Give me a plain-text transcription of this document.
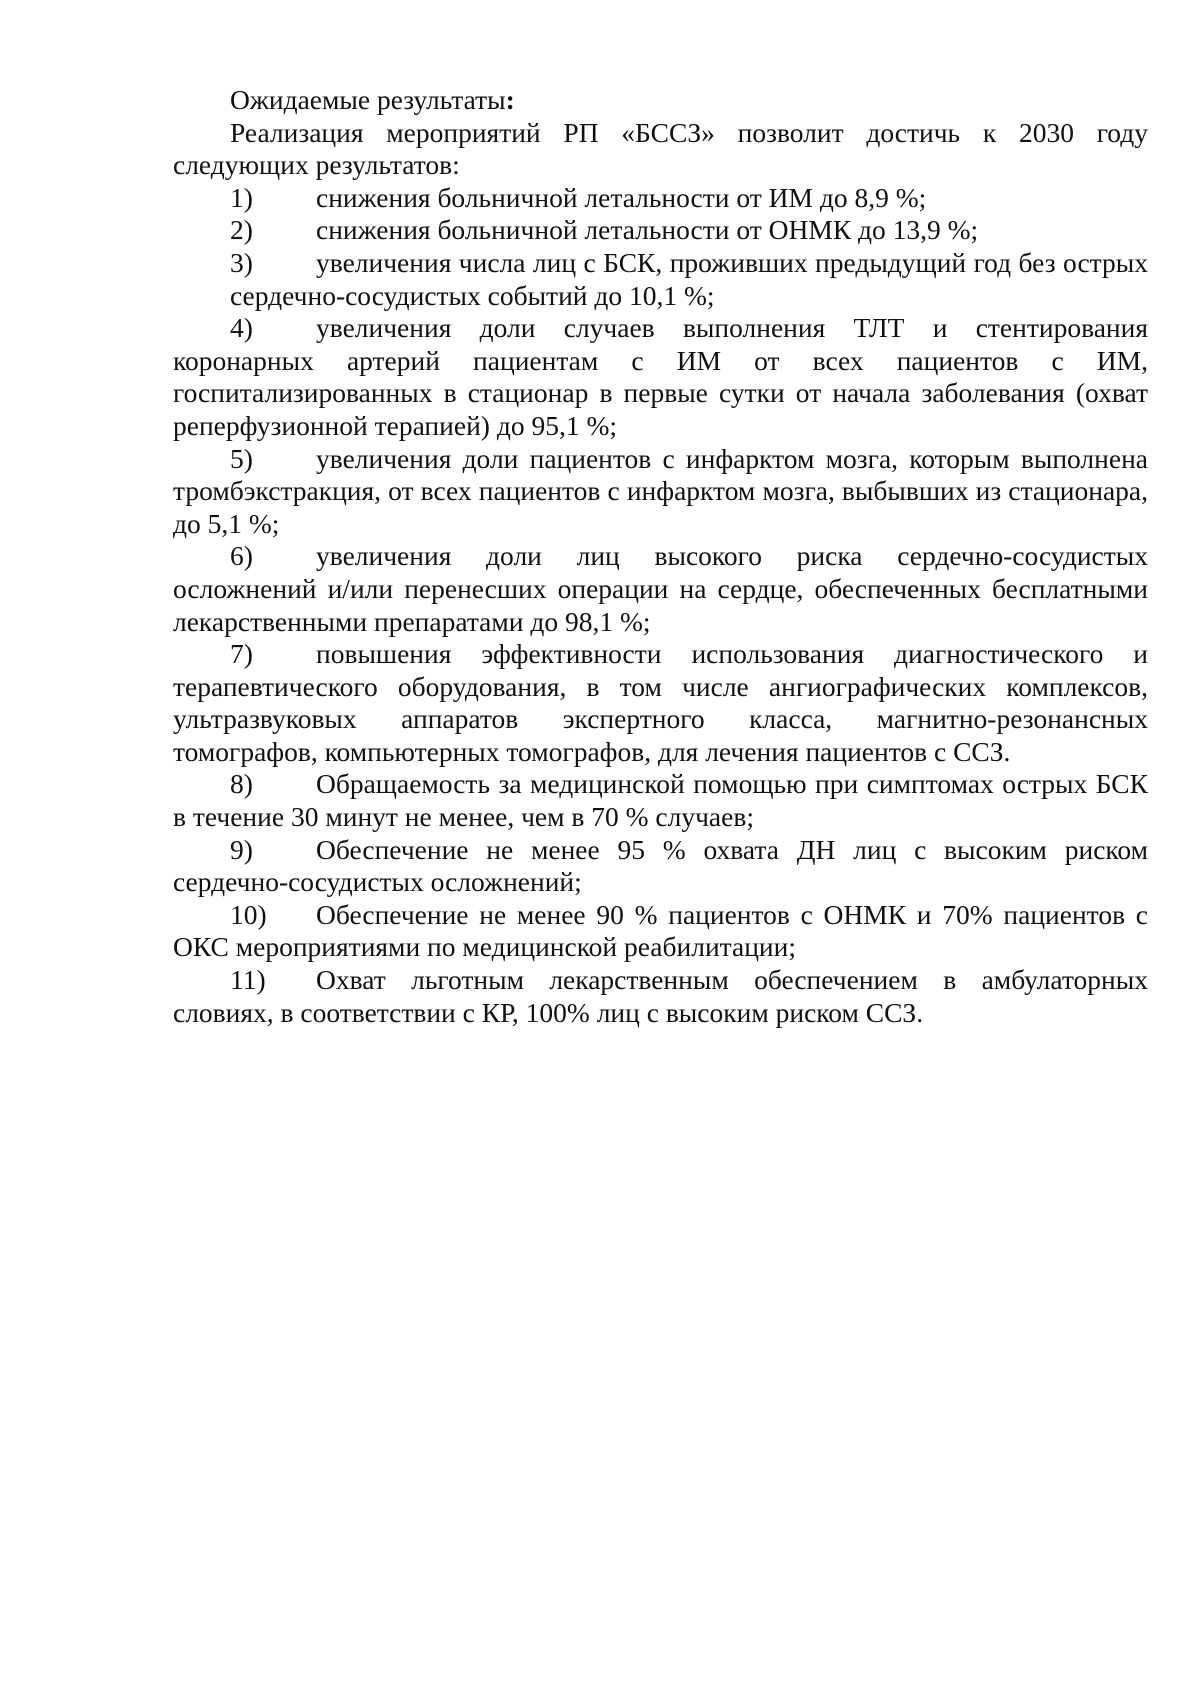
Ожидаемые результаты:

Реализация мероприятий РП «БССЗ» позволит достичь к 2030 году следующих результатов:

1) снижения больничной летальности от ИМ до 8,9 %;
2) снижения больничной летальности от ОНМК до 13,9 %;
3) увеличения числа лиц с БСК, проживших предыдущий год без острых сердечно-сосудистых событий до 10,1 %;
4) увеличения доли случаев выполнения ТЛТ и стентирования коронарных артерий пациентам с ИМ от всех пациентов с ИМ, госпитализированных в стационар в первые сутки от начала заболевания (охват реперфузионной терапией) до 95,1 %;
5) увеличения доли пациентов с инфарктом мозга, которым выполнена тромбэкстракция, от всех пациентов с инфарктом мозга, выбывших из стационара, до 5,1 %;
6) увеличения доли лиц высокого риска сердечно-сосудистых осложнений и/или перенесших операции на сердце, обеспеченных бесплатными лекарственными препаратами до 98,1 %;
7) повышения эффективности использования диагностического и терапевтического оборудования, в том числе ангиографических комплексов, ультразвуковых аппаратов экспертного класса, магнитно-резонансных томографов, компьютерных томографов, для лечения пациентов с ССЗ.
8) Обращаемость за медицинской помощью при симптомах острых БСК в течение 30 минут не менее, чем в 70 % случаев;
9) Обеспечение не менее 95 % охвата ДН лиц с высоким риском сердечно-сосудистых осложнений;
10) Обеспечение не менее 90 % пациентов с ОНМК и 70% пациентов с ОКС мероприятиями по медицинской реабилитации;
11) Охват льготным лекарственным обеспечением в амбулаторных словиях, в соответствии с КР, 100% лиц с высоким риском ССЗ.
